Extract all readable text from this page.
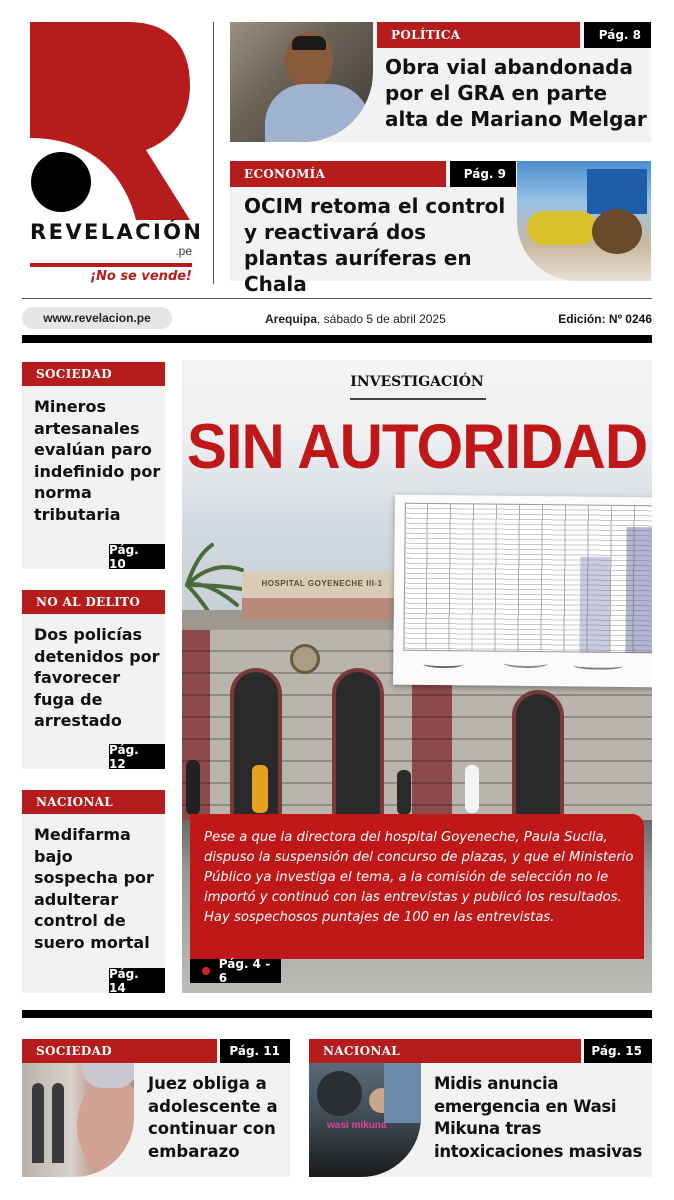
REVELACIÓN
.pe
¡No se vende!
POLÍTICA	Pág. 8
Obra vial abandonada por el GRA en parte alta de Mariano Melgar
ECONOMÍA	Pág. 9
OCIM retoma el control y reactivará dos plantas auríferas en Chala
www.revelacion.pe	Arequipa, sábado 5 de abril 2025	Edición: Nº 0246
SOCIEDAD
Mineros artesanales evalúan paro indefinido por norma tributaria
Pág. 10
NO AL DELITO
Dos policías detenidos por favorecer fuga de arrestado
Pág. 12
NACIONAL
Medifarma bajo sospecha por adulterar control de suero mortal
Pág. 14
HOSPITAL GOYENECHE III-1
INVESTIGACIÓN
SIN AUTORIDAD
Pese a que la directora del hospital Goyeneche, Paula Suclla, dispuso la suspensión del concurso de plazas, y que el Ministerio Público ya investiga el tema, a la comisión de selección no le importó y continuó con las entrevistas y publicó los resultados. Hay sospechosos puntajes de 100 en las entrevistas.
Pág. 4 - 6
SOCIEDAD	Pág. 11
Juez obliga a adolescente a continuar con embarazo
NACIONAL	Pág. 15
wasi mikuna
Midis anuncia emergencia en Wasi Mikuna tras intoxicaciones masivas
